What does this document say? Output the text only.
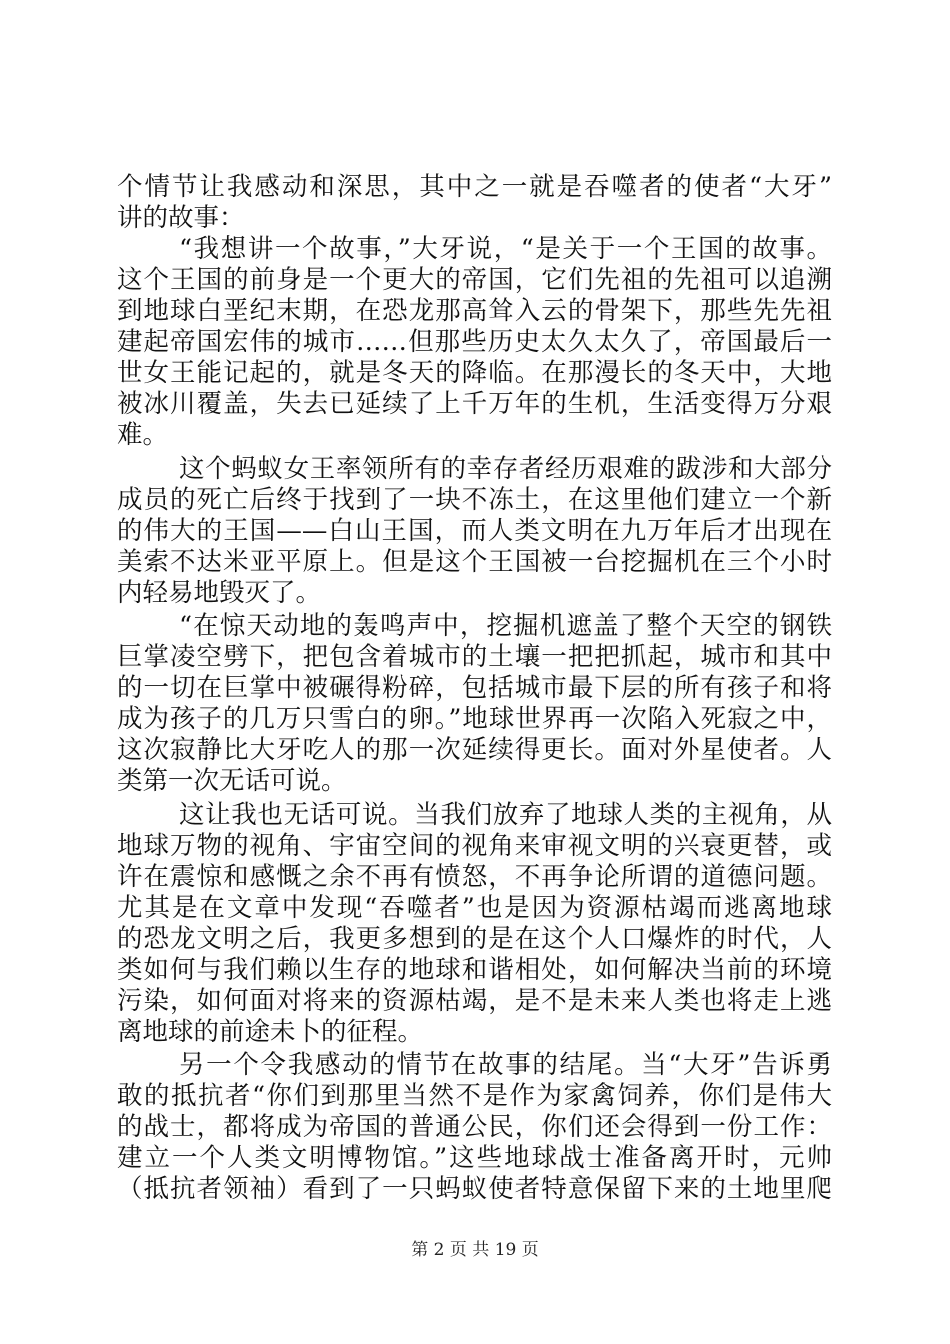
个情节让我感动和深思，其中之一就是吞噬者的使者“大牙”
讲的故事：
“我想讲一个故事，”大牙说，“是关于一个王国的故事。
这个王国的前身是一个更大的帝国，它们先祖的先祖可以追溯
到地球白垩纪末期，在恐龙那高耸入云的骨架下，那些先先祖
建起帝国宏伟的城市……但那些历史太久太久了，帝国最后一
世女王能记起的，就是冬天的降临。在那漫长的冬天中，大地
被冰川覆盖，失去已延续了上千万年的生机，生活变得万分艰
难。
这个蚂蚁女王率领所有的幸存者经历艰难的跋涉和大部分
成员的死亡后终于找到了一块不冻土，在这里他们建立一个新
的伟大的王国——白山王国，而人类文明在九万年后才出现在
美索不达米亚平原上。但是这个王国被一台挖掘机在三个小时
内轻易地毁灭了。
“在惊天动地的轰鸣声中，挖掘机遮盖了整个天空的钢铁
巨掌凌空劈下，把包含着城市的土壤一把把抓起，城市和其中
的一切在巨掌中被碾得粉碎，包括城市最下层的所有孩子和将
成为孩子的几万只雪白的卵。”地球世界再一次陷入死寂之中，
这次寂静比大牙吃人的那一次延续得更长。面对外星使者。人
类第一次无话可说。
这让我也无话可说。当我们放弃了地球人类的主视角，从
地球万物的视角、宇宙空间的视角来审视文明的兴衰更替，或
许在震惊和感慨之余不再有愤怒，不再争论所谓的道德问题。
尤其是在文章中发现“吞噬者”也是因为资源枯竭而逃离地球
的恐龙文明之后，我更多想到的是在这个人口爆炸的时代，人
类如何与我们赖以生存的地球和谐相处，如何解决当前的环境
污染，如何面对将来的资源枯竭，是不是未来人类也将走上逃
离地球的前途未卜的征程。
另一个令我感动的情节在故事的结尾。当“大牙”告诉勇
敢的抵抗者“你们到那里当然不是作为家禽饲养，你们是伟大
的战士，都将成为帝国的普通公民，你们还会得到一份工作：
建立一个人类文明博物馆。”这些地球战士准备离开时，元帅
（抵抗者领袖）看到了一只蚂蚁使者特意保留下来的土地里爬
第 2 页 共 19 页
